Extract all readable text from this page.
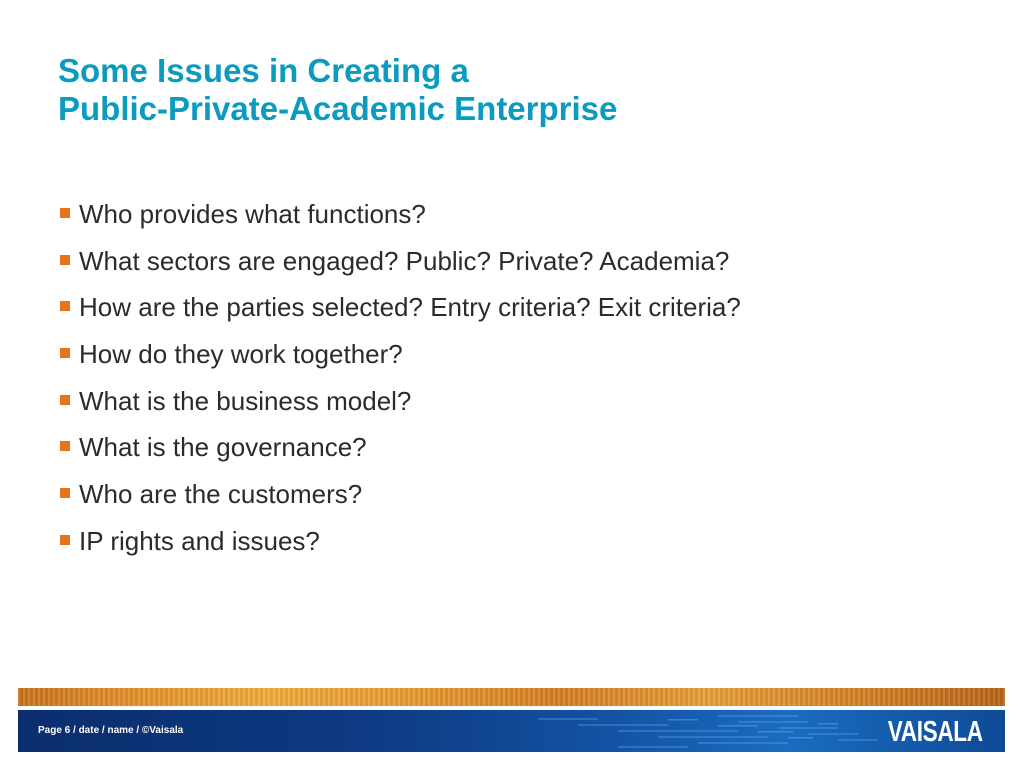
Some Issues in Creating a
Public-Private-Academic Enterprise
Who provides what functions?
What sectors are engaged? Public? Private? Academia?
How are the parties selected? Entry criteria? Exit criteria?
How do they work together?
What is the business model?
What is the governance?
Who are the customers?
IP rights and issues?
Page 6 / date / name / ©Vaisala	VAISALA
